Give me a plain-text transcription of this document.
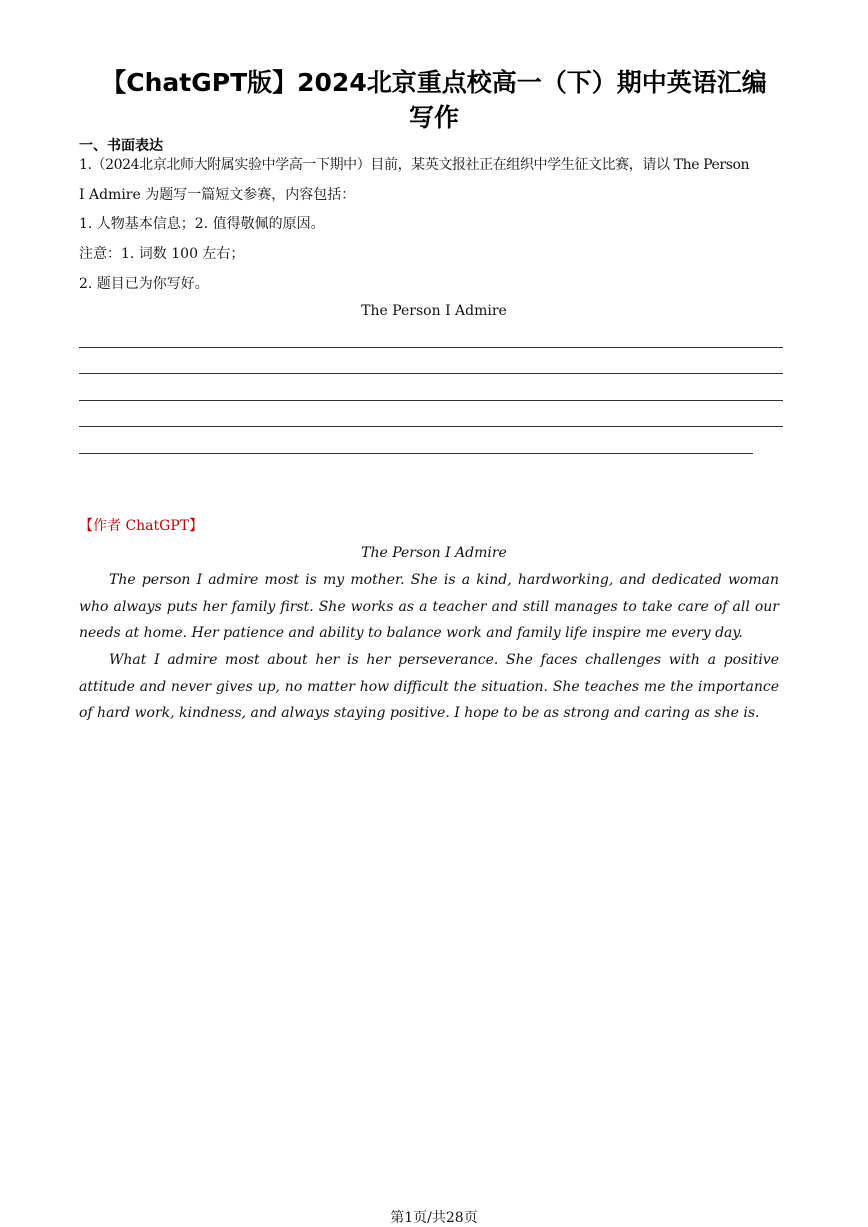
【ChatGPT版】2024北京重点校高一（下）期中英语汇编
写作
一、书面表达
1.（2024北京北师大附属实验中学高一下期中）目前，某英文报社正在组织中学生征文比赛，请以 The Person
I Admire 为题写一篇短文参赛，内容包括：
1. 人物基本信息；2. 值得敬佩的原因。
注意：1. 词数 100 左右；
2. 题目已为你写好。
The Person I Admire
【作者 ChatGPT】
The Person I Admire

The person I admire most is my mother. She is a kind, hardworking, and dedicated woman who always puts her family first. She works as a teacher and still manages to take care of all our needs at home. Her patience and ability to balance work and family life inspire me every day.

What I admire most about her is her perseverance. She faces challenges with a positive attitude and never gives up, no matter how difficult the situation. She teaches me the importance of hard work, kindness, and always staying positive. I hope to be as strong and caring as she is.

第1页/共28页
